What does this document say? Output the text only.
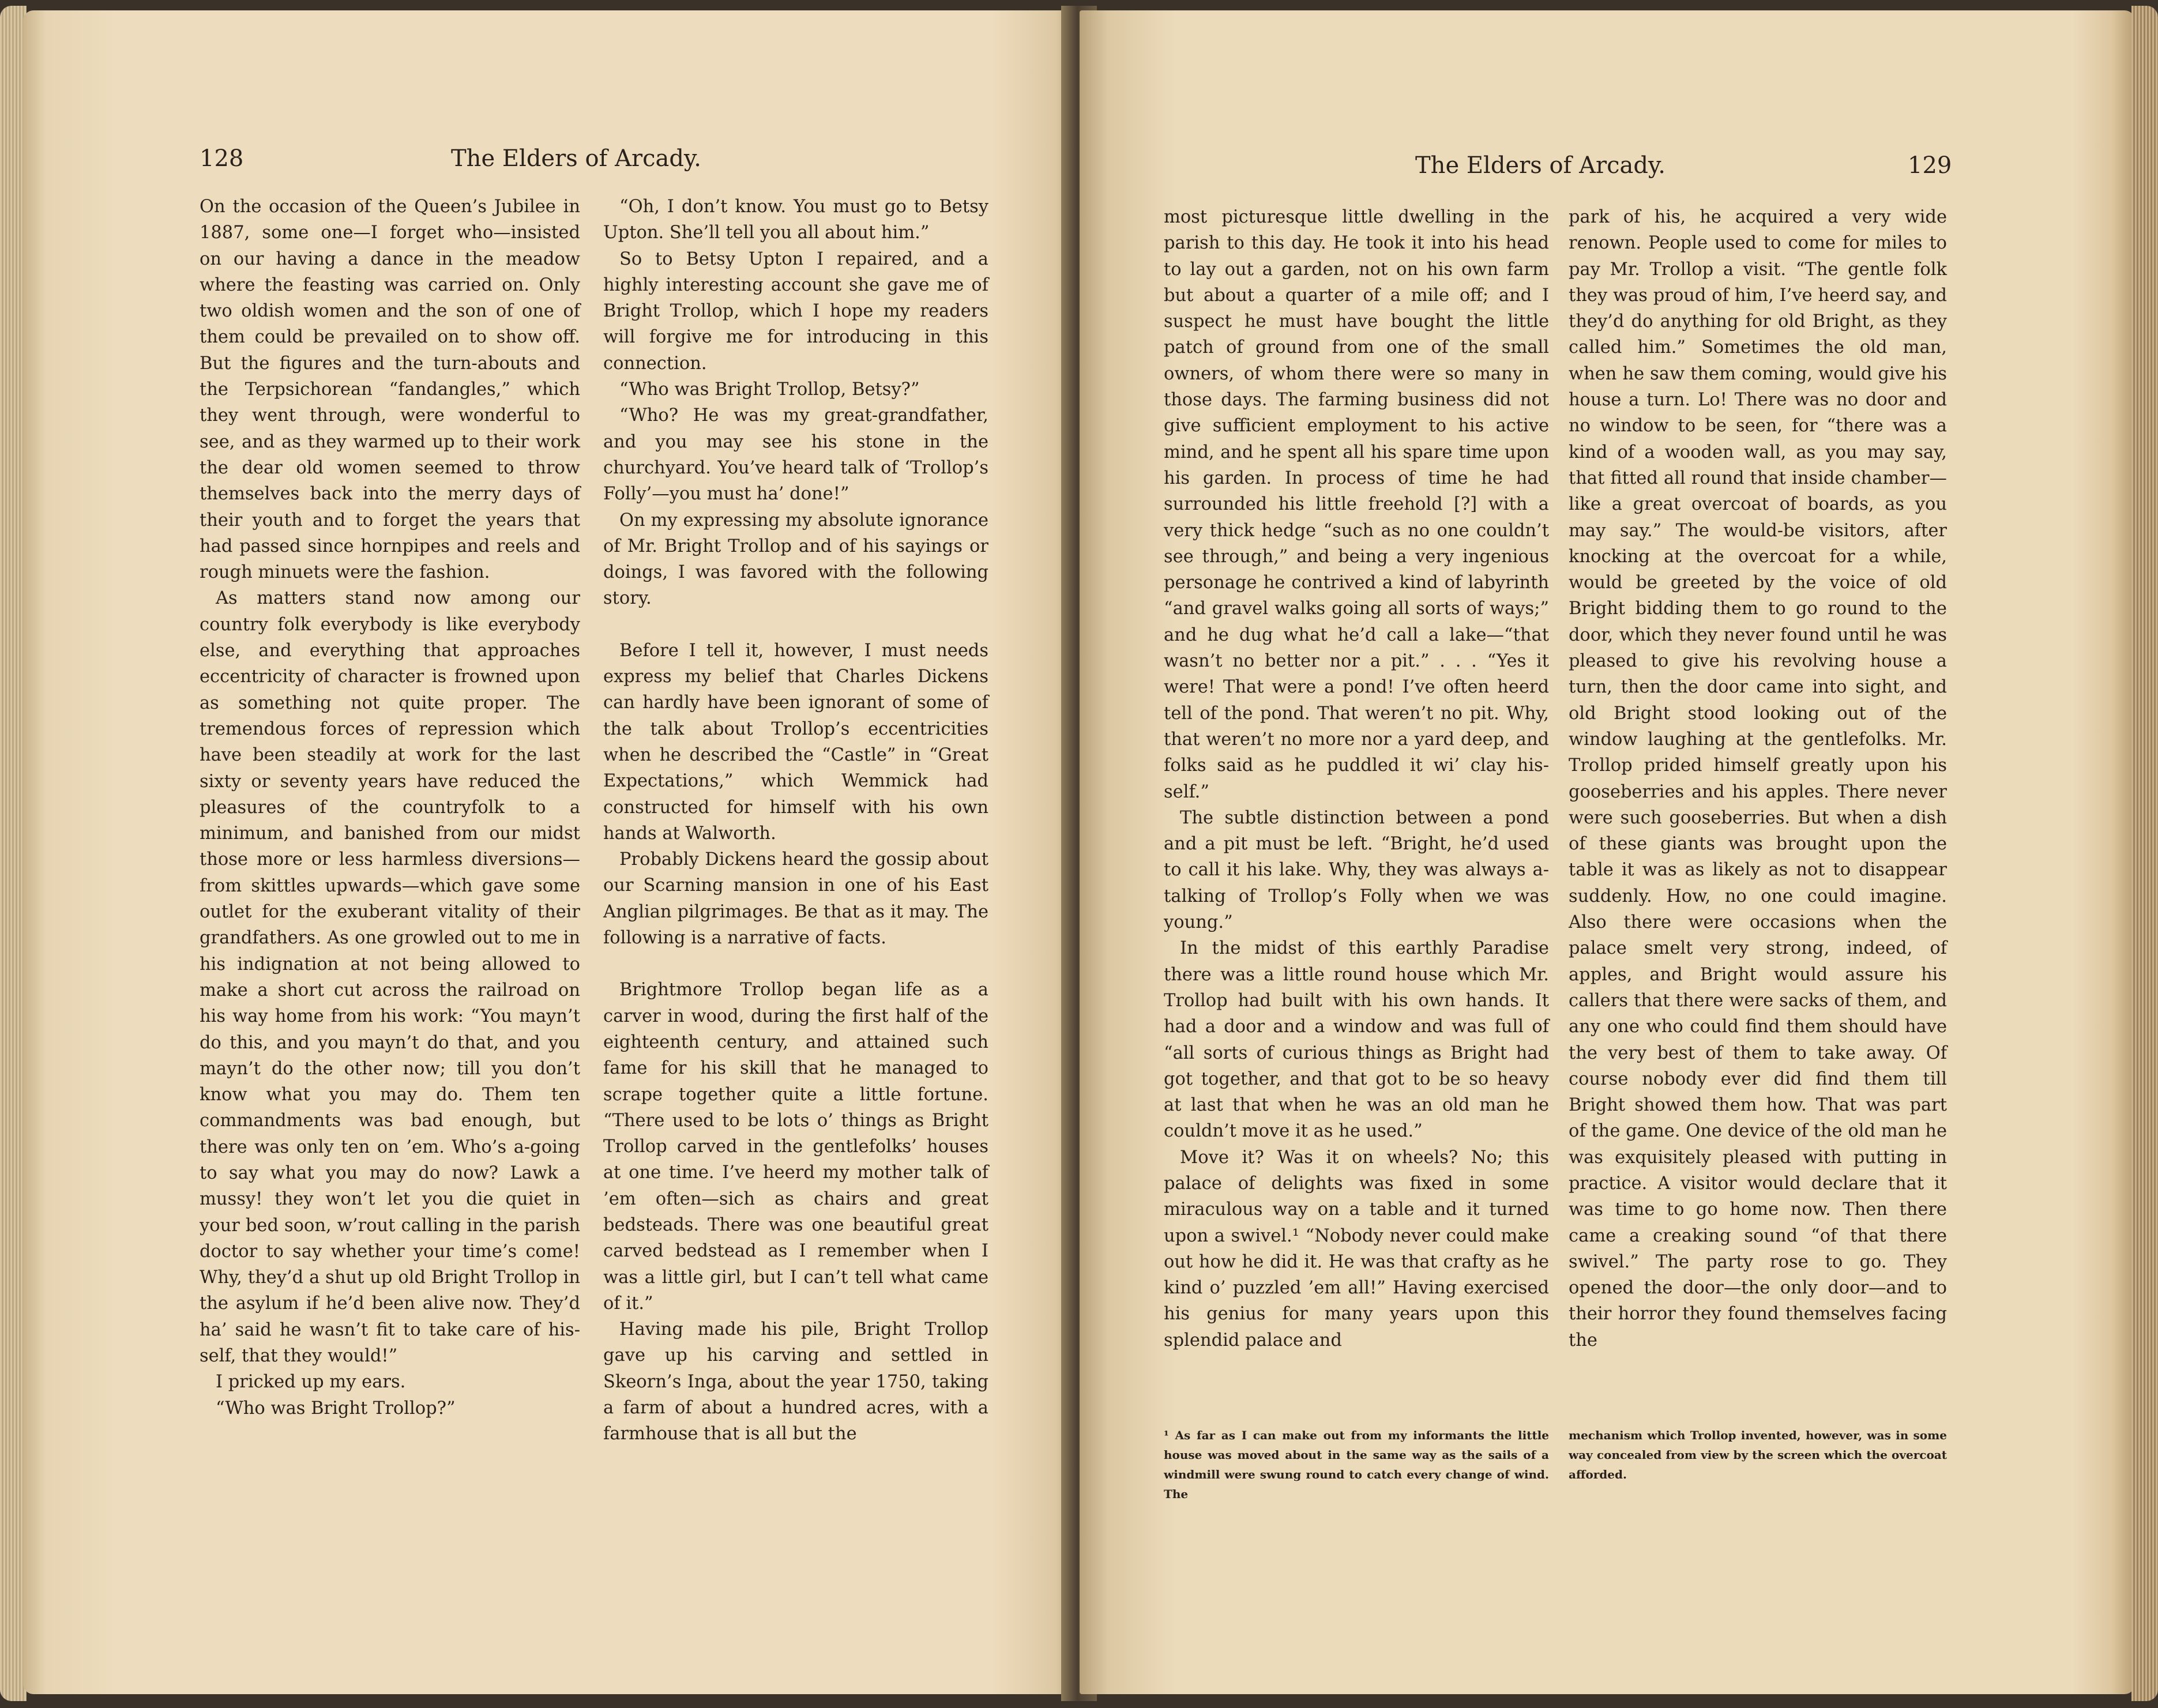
128	The Elders of Arcady.

On the occasion of the Queen’s Jubilee in 1887, some one—I forget who—insisted on our having a dance in the meadow where the feasting was carried on. Only two oldish women and the son of one of them could be prevailed on to show off. But the figures and the turn-abouts and the Terpsichorean “fandangles,” which they went through, were wonderful to see, and as they warmed up to their work the dear old women seemed to throw themselves back into the merry days of their youth and to forget the years that had passed since hornpipes and reels and rough minuets were the fashion.

As matters stand now among our country folk everybody is like everybody else, and everything that approaches eccentricity of character is frowned upon as something not quite proper. The tremendous forces of repression which have been steadily at work for the last sixty or seventy years have reduced the pleasures of the countryfolk to a minimum, and banished from our midst those more or less harmless diversions—from skittles upwards—which gave some outlet for the exuberant vitality of their grandfathers. As one growled out to me in his indignation at not being allowed to make a short cut across the railroad on his way home from his work: “You mayn’t do this, and you mayn’t do that, and you mayn’t do the other now; till you don’t know what you may do. Them ten commandments was bad enough, but there was only ten on ’em. Who’s a-going to say what you may do now? Lawk a mussy! they won’t let you die quiet in your bed soon, w’rout calling in the parish doctor to say whether your time’s come! Why, they’d a shut up old Bright Trollop in the asylum if he’d been alive now. They’d ha’ said he wasn’t fit to take care of his-self, that they would!”

I pricked up my ears.

“Who was Bright Trollop?”

“Oh, I don’t know. You must go to Betsy Upton. She’ll tell you all about him.”

So to Betsy Upton I repaired, and a highly interesting account she gave me of Bright Trollop, which I hope my readers will forgive me for introducing in this connection.

“Who was Bright Trollop, Betsy?”

“Who? He was my great-grandfather, and you may see his stone in the churchyard. You’ve heard talk of ‘Trollop’s Folly’—you must ha’ done!”

On my expressing my absolute ignorance of Mr. Bright Trollop and of his sayings or doings, I was favored with the following story.

Before I tell it, however, I must needs express my belief that Charles Dickens can hardly have been ignorant of some of the talk about Trollop’s eccentricities when he described the “Castle” in “Great Expectations,” which Wemmick had constructed for himself with his own hands at Walworth.

Probably Dickens heard the gossip about our Scarning mansion in one of his East Anglian pilgrimages. Be that as it may. The following is a narrative of facts.

Brightmore Trollop began life as a carver in wood, during the first half of the eighteenth century, and attained such fame for his skill that he managed to scrape together quite a little fortune. “There used to be lots o’ things as Bright Trollop carved in the gentlefolks’ houses at one time. I’ve heerd my mother talk of ’em often—sich as chairs and great bedsteads. There was one beautiful great carved bedstead as I remember when I was a little girl, but I can’t tell what came of it.”

Having made his pile, Bright Trollop gave up his carving and settled in Skeorn’s Inga, about the year 1750, taking a farm of about a hundred acres, with a farmhouse that is all but the

The Elders of Arcady.	129

most picturesque little dwelling in the parish to this day. He took it into his head to lay out a garden, not on his own farm but about a quarter of a mile off; and I suspect he must have bought the little patch of ground from one of the small owners, of whom there were so many in those days. The farming business did not give sufficient employment to his active mind, and he spent all his spare time upon his garden. In process of time he had surrounded his little freehold [?] with a very thick hedge “such as no one couldn’t see through,” and being a very ingenious personage he contrived a kind of labyrinth “and gravel walks going all sorts of ways;” and he dug what he’d call a lake—“that wasn’t no better nor a pit.” . . . “Yes it were! That were a pond! I’ve often heerd tell of the pond. That weren’t no pit. Why, that weren’t no more nor a yard deep, and folks said as he puddled it wi’ clay his-self.”

The subtle distinction between a pond and a pit must be left. “Bright, he’d used to call it his lake. Why, they was always a-talking of Trollop’s Folly when we was young.”

In the midst of this earthly Paradise there was a little round house which Mr. Trollop had built with his own hands. It had a door and a window and was full of “all sorts of curious things as Bright had got together, and that got to be so heavy at last that when he was an old man he couldn’t move it as he used.”

Move it? Was it on wheels? No; this palace of delights was fixed in some miraculous way on a table and it turned upon a swivel.¹ “Nobody never could make out how he did it. He was that crafty as he kind o’ puzzled ’em all!” Having exercised his genius for many years upon this splendid palace and

park of his, he acquired a very wide renown. People used to come for miles to pay Mr. Trollop a visit. “The gentle folk they was proud of him, I’ve heerd say, and they’d do anything for old Bright, as they called him.” Sometimes the old man, when he saw them coming, would give his house a turn. Lo! There was no door and no window to be seen, for “there was a kind of a wooden wall, as you may say, that fitted all round that inside chamber—like a great overcoat of boards, as you may say.” The would-be visitors, after knocking at the overcoat for a while, would be greeted by the voice of old Bright bidding them to go round to the door, which they never found until he was pleased to give his revolving house a turn, then the door came into sight, and old Bright stood looking out of the window laughing at the gentlefolks. Mr. Trollop prided himself greatly upon his gooseberries and his apples. There never were such gooseberries. But when a dish of these giants was brought upon the table it was as likely as not to disappear suddenly. How, no one could imagine. Also there were occasions when the palace smelt very strong, indeed, of apples, and Bright would assure his callers that there were sacks of them, and any one who could find them should have the very best of them to take away. Of course nobody ever did find them till Bright showed them how. That was part of the game. One device of the old man he was exquisitely pleased with putting in practice. A visitor would declare that it was time to go home now. Then there came a creaking sound “of that there swivel.” The party rose to go. They opened the door—the only door—and to their horror they found themselves facing the

¹ As far as I can make out from my informants the little house was moved about in the same way as the sails of a windmill were swung round to catch every change of wind. The

mechanism which Trollop invented, however, was in some way concealed from view by the screen which the overcoat afforded.
